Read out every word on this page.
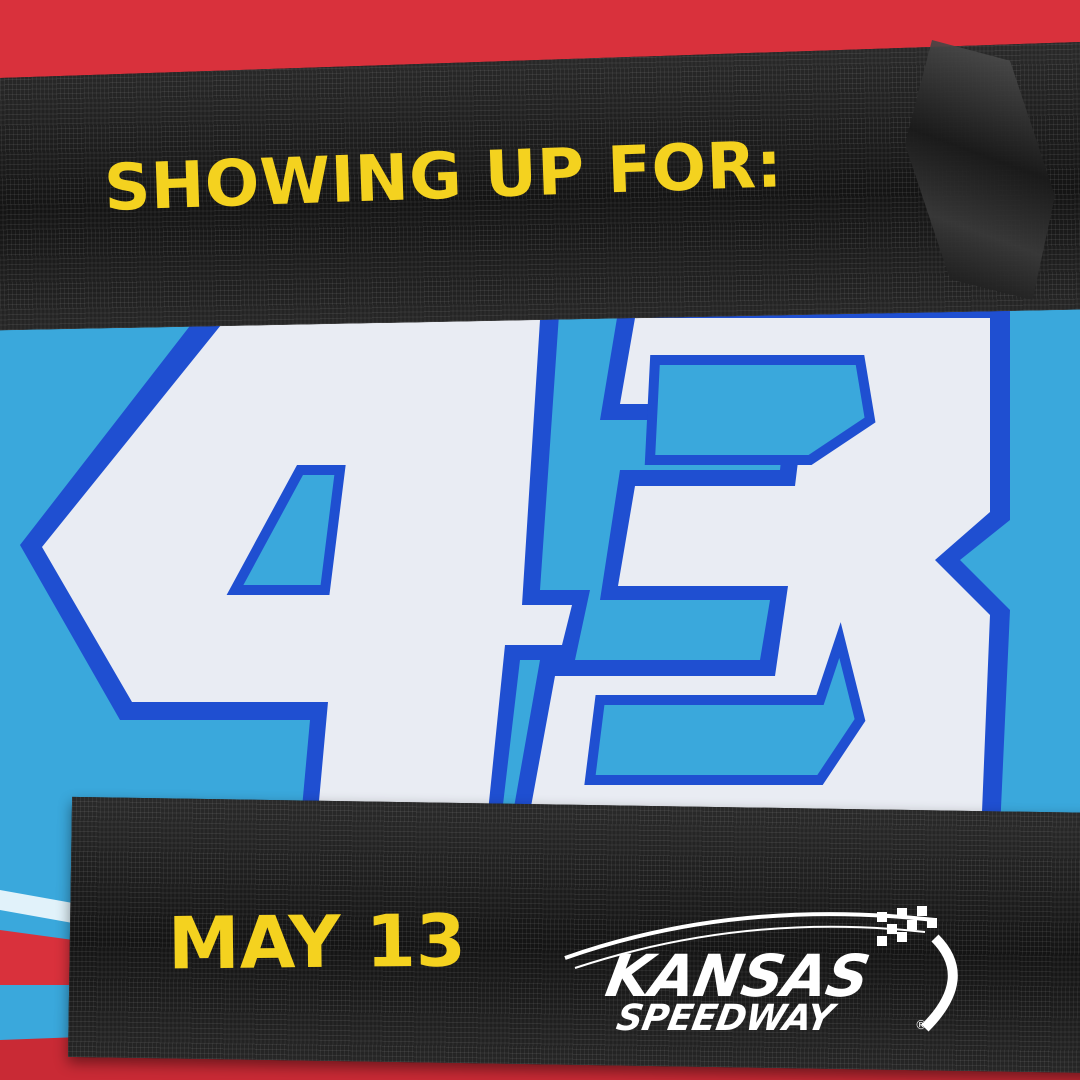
SHOWING UP FOR:
MAY 13 KANSAS
SPEEDWAY	®
